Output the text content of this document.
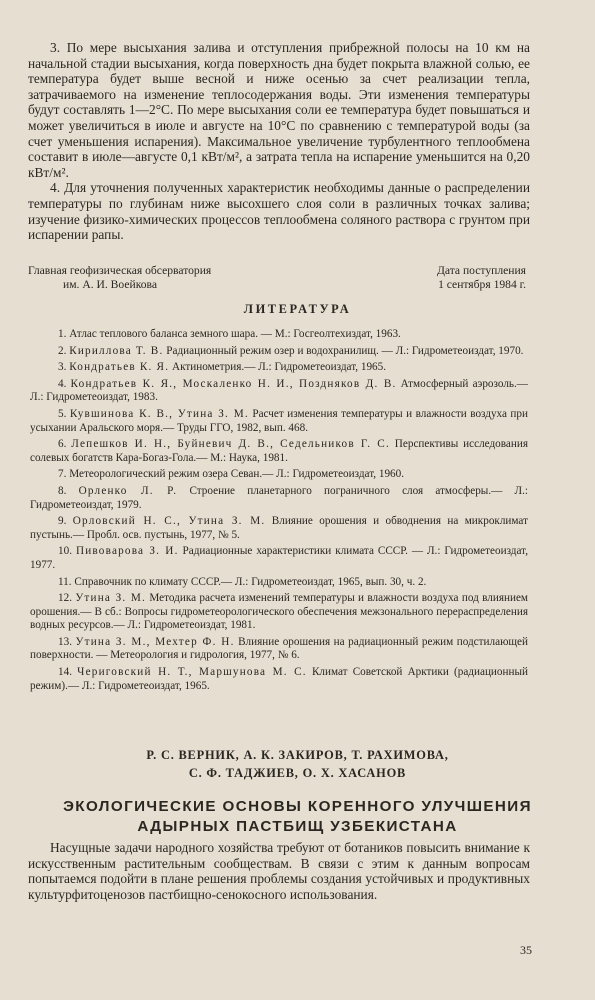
3. По мере высыхания залива и отступления прибрежной полосы на 10 км на начальной стадии высыхания, когда поверхность дна будет покрыта влажной солью, ее температура будет выше весной и ниже осенью за счет реализации тепла, затрачиваемого на изменение теплосодержания воды. Эти изменения температуры будут составлять 1—2°С. По мере высыхания соли ее температура будет повышаться и может увеличиться в июле и августе на 10°С по сравнению с температурой воды (за счет уменьшения испарения). Максимальное увеличение турбулентного теплообмена составит в июле—августе 0,1 кВт/м², а затрата тепла на испарение уменьшится на 0,20 кВт/м².

4. Для уточнения полученных характеристик необходимы данные о распределении температуры по глубинам ниже высохшего слоя соли в различных точках залива; изучение физико-химических процессов теплообмена соляного раствора с грунтом при испарении рапы.

Главная геофизическая обсерватория
им. А. И. Воейкова
Дата поступления
1 сентября 1984 г.
ЛИТЕРАТУРА

1. Атлас теплового баланса земного шара. — М.: Госгеолтехиздат, 1963.

2. Кириллова Т. В. Радиационный режим озер и водохранилищ. — Л.: Гидрометеоиздат, 1970.

3. Кондратьев К. Я. Актинометрия.— Л.: Гидрометеоиздат, 1965.

4. Кондратьев К. Я., Москаленко Н. И., Поздняков Д. В. Атмосферный аэрозоль.— Л.: Гидрометеоиздат, 1983.

5. Кувшинова К. В., Утина З. М. Расчет изменения температуры и влажности воздуха при усыхании Аральского моря.— Труды ГГО, 1982, вып. 468.

6. Лепешков И. Н., Буйневич Д. В., Седельников Г. С. Перспективы исследования солевых богатств Кара-Богаз-Гола.— М.: Наука, 1981.

7. Метеорологический режим озера Севан.— Л.: Гидрометеоиздат, 1960.

8. Орленко Л. Р. Строение планетарного пограничного слоя атмосферы.— Л.: Гидрометеоиздат, 1979.

9. Орловский Н. С., Утина З. М. Влияние орошения и обводнения на микроклимат пустынь.— Пробл. осв. пустынь, 1977, № 5.

10. Пивоварова З. И. Радиационные характеристики климата СССР. — Л.: Гидрометеоиздат, 1977.

11. Справочник по климату СССР.— Л.: Гидрометеоиздат, 1965, вып. 30, ч. 2.

12. Утина З. М. Методика расчета изменений температуры и влажности воздуха под влиянием орошения.— В сб.: Вопросы гидрометеорологического обеспечения межзонального перераспределения водных ресурсов.— Л.: Гидрометеоиздат, 1981.

13. Утина З. М., Мехтер Ф. Н. Влияние орошения на радиационный режим подстилающей поверхности. — Метеорология и гидрология, 1977, № 6.

14. Чериговский Н. Т., Маршунова М. С. Климат Советской Арктики (радиационный режим).— Л.: Гидрометеоиздат, 1965.

Р. С. ВЕРНИК, А. К. ЗАКИРОВ, Т. РАХИМОВА,
С. Ф. ТАДЖИЕВ, О. Х. ХАСАНОВ
ЭКОЛОГИЧЕСКИЕ ОСНОВЫ КОРЕННОГО УЛУЧШЕНИЯ
АДЫРНЫХ ПАСТБИЩ УЗБЕКИСТАНА

Насущные задачи народного хозяйства требуют от ботаников повысить внимание к искусственным растительным сообществам. В связи с этим к данным вопросам попытаемся подойти в плане решения проблемы создания устойчивых и продуктивных культурфитоценозов пастбищно-сенокосного использования.

35
